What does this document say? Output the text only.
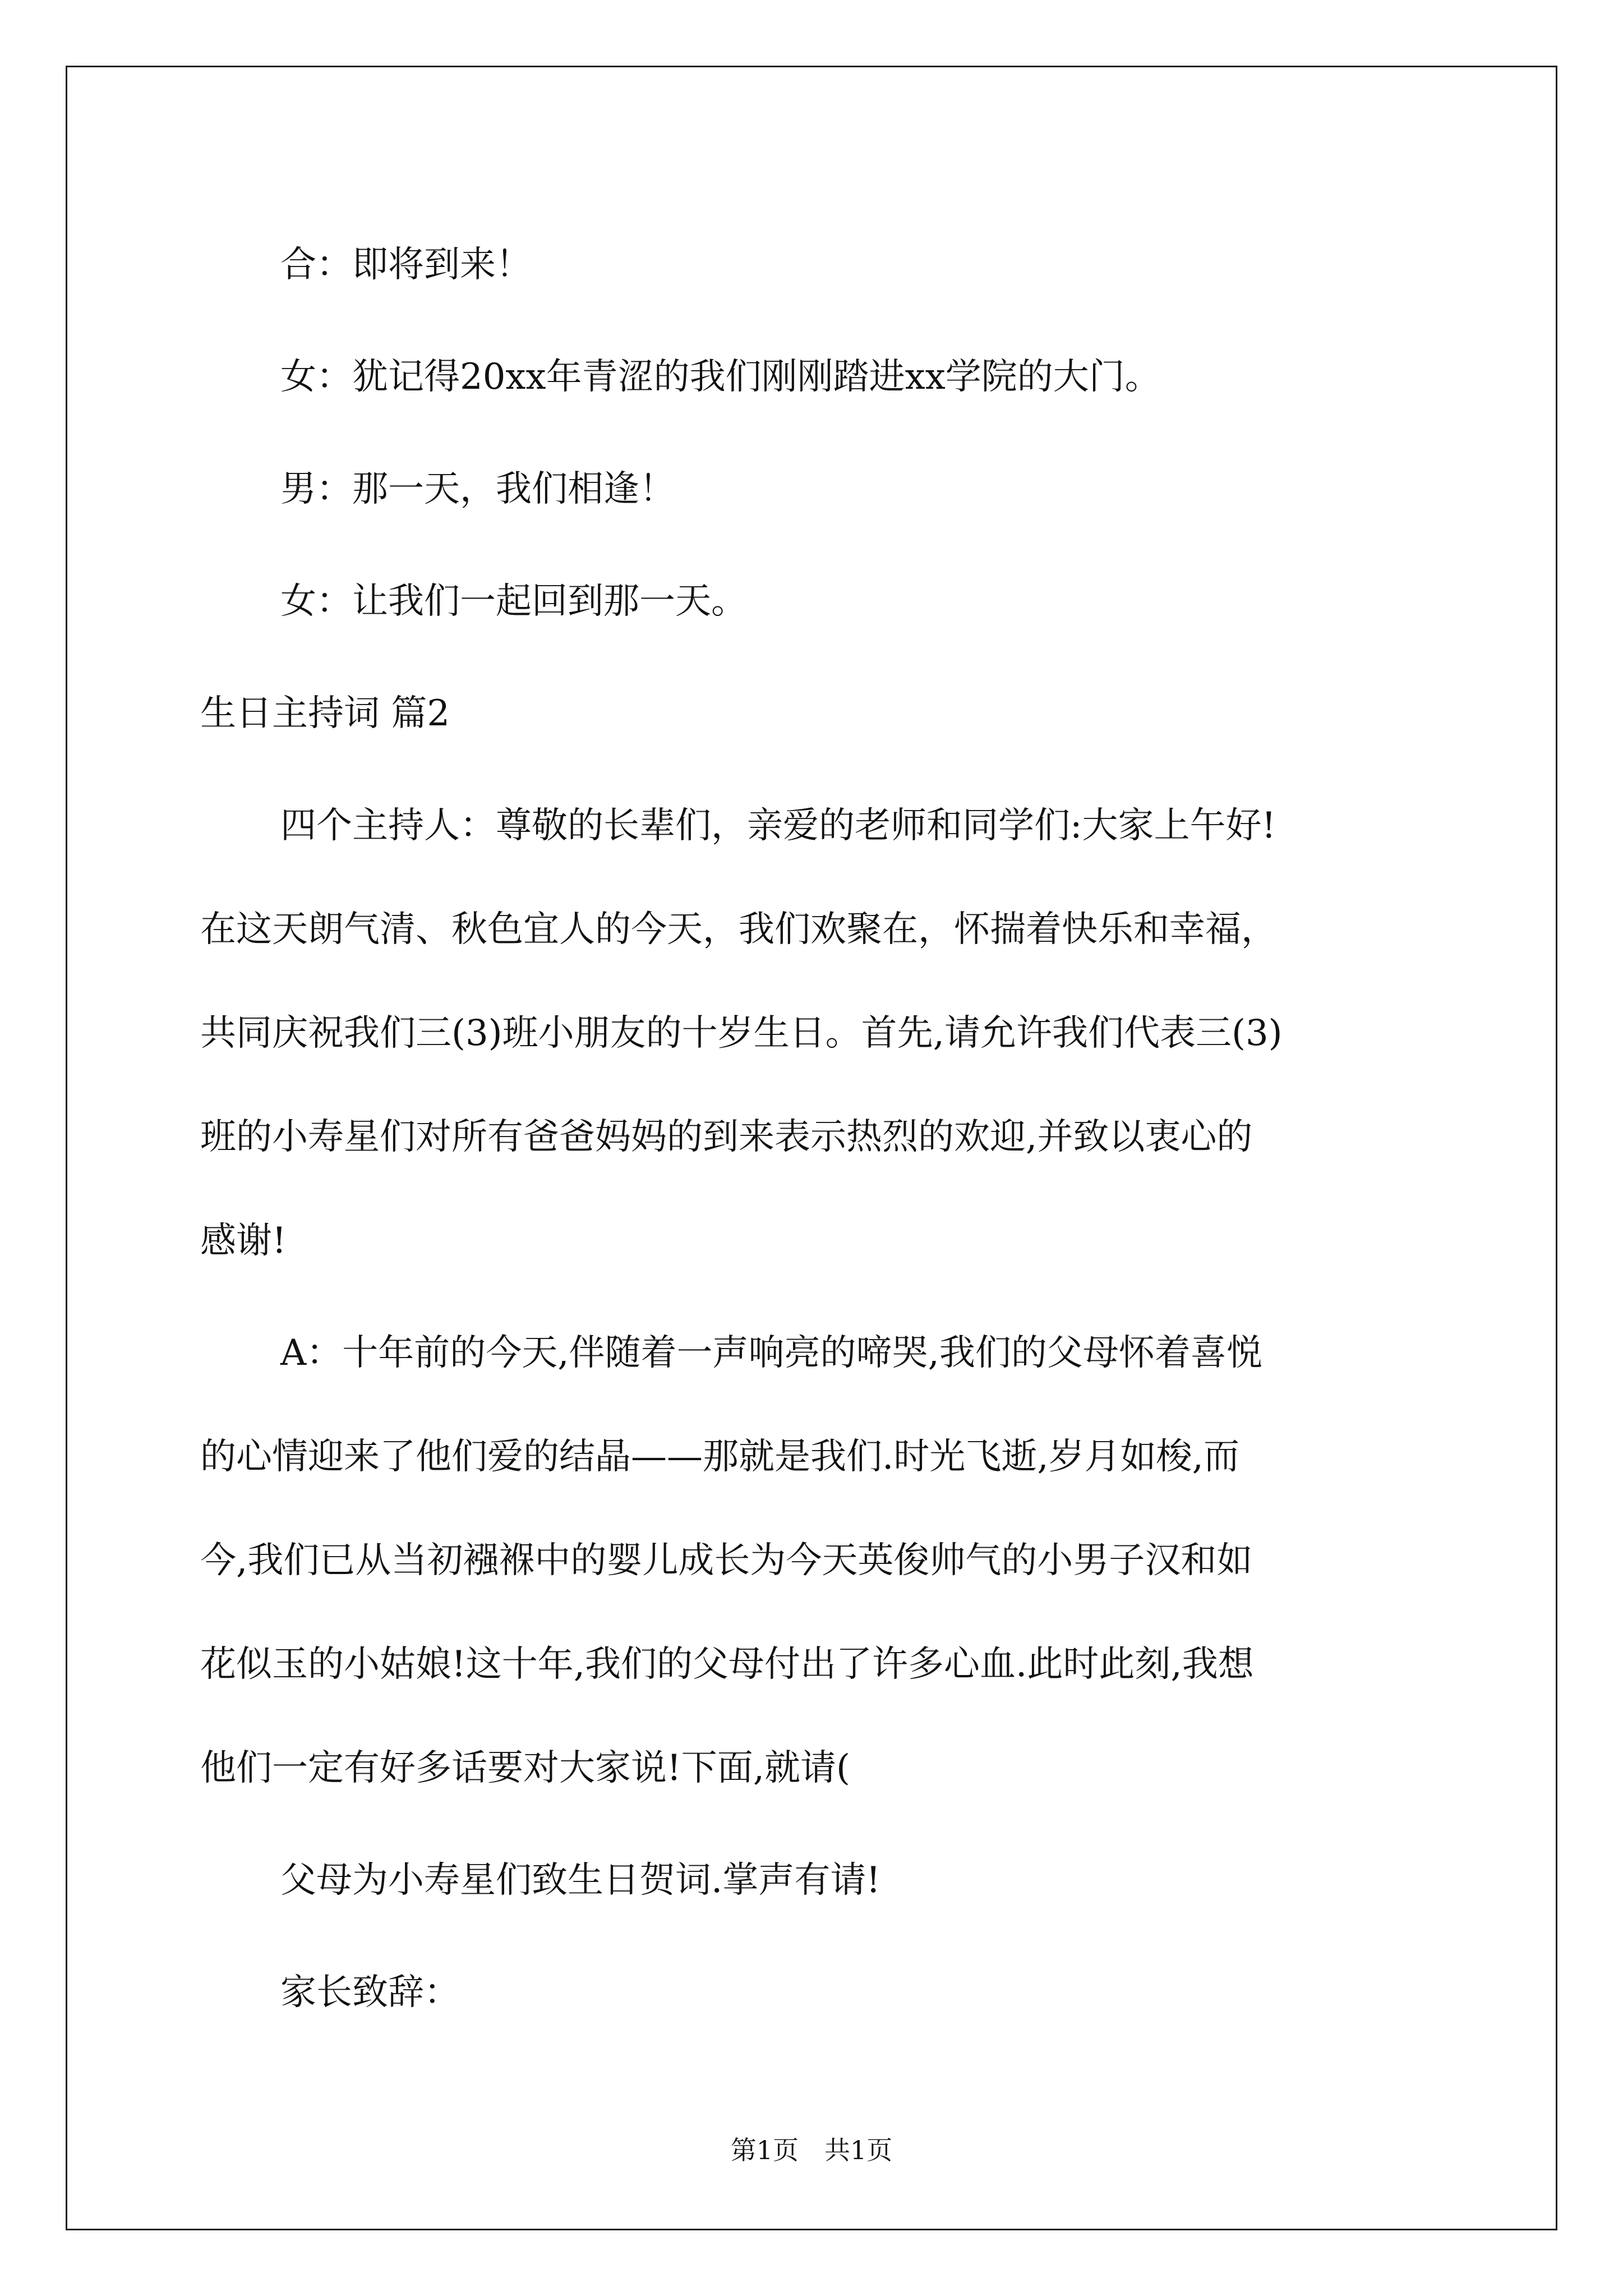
合：即将到来！

女：犹记得20xx年青涩的我们刚刚踏进xx学院的大门。

男：那一天，我们相逢！

女：让我们一起回到那一天。

生日主持词 篇2

四个主持人：尊敬的长辈们，亲爱的老师和同学们:大家上午好!

在这天朗气清、秋色宜人的今天，我们欢聚在，怀揣着快乐和幸福，

共同庆祝我们三(3)班小朋友的十岁生日。首先,请允许我们代表三(3)

班的小寿星们对所有爸爸妈妈的到来表示热烈的欢迎,并致以衷心的

感谢!

A：十年前的今天,伴随着一声响亮的啼哭,我们的父母怀着喜悦

的心情迎来了他们爱的结晶——那就是我们.时光飞逝,岁月如梭,而

今,我们已从当初襁褓中的婴儿成长为今天英俊帅气的小男子汉和如

花似玉的小姑娘!这十年,我们的父母付出了许多心血.此时此刻,我想

他们一定有好多话要对大家说!下面,就请(

父母为小寿星们致生日贺词.掌声有请!

家长致辞：

第1页　共1页
